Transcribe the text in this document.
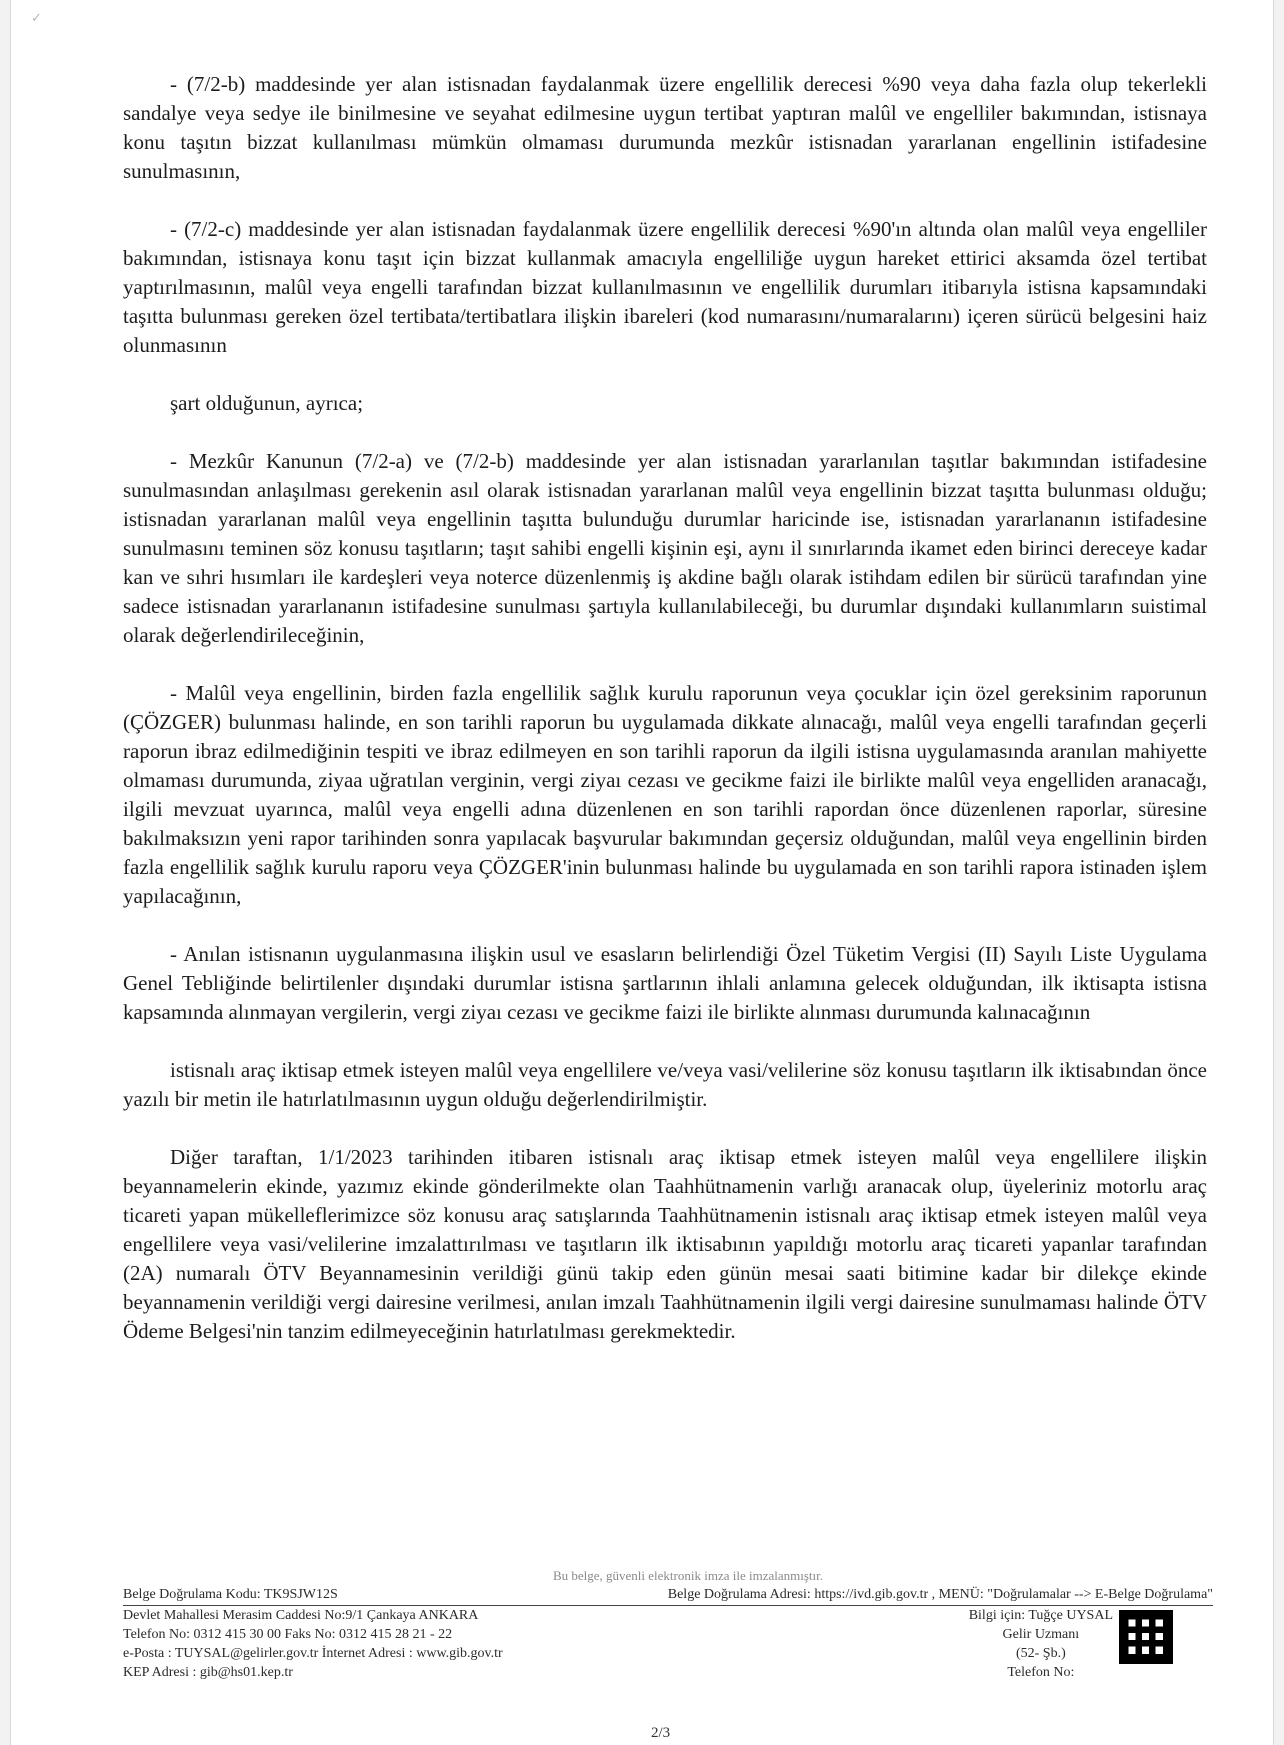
✓

- (7/2-b) maddesinde yer alan istisnadan faydalanmak üzere engellilik derecesi %90 veya daha fazla olup tekerlekli sandalye veya sedye ile binilmesine ve seyahat edilmesine uygun tertibat yaptıran malûl ve engelliler bakımından, istisnaya konu taşıtın bizzat kullanılması mümkün olmaması durumunda mezkûr istisnadan yararlanan engellinin istifadesine sunulmasının,

- (7/2-c) maddesinde yer alan istisnadan faydalanmak üzere engellilik derecesi %90'ın altında olan malûl veya engelliler bakımından, istisnaya konu taşıt için bizzat kullanmak amacıyla engelliliğe uygun hareket ettirici aksamda özel tertibat yaptırılmasının, malûl veya engelli tarafından bizzat kullanılmasının ve engellilik durumları itibarıyla istisna kapsamındaki taşıtta bulunması gereken özel tertibata/tertibatlara ilişkin ibareleri (kod numarasını/numaralarını) içeren sürücü belgesini haiz olunmasının

şart olduğunun, ayrıca;

- Mezkûr Kanunun (7/2-a) ve (7/2-b) maddesinde yer alan istisnadan yararlanılan taşıtlar bakımından istifadesine sunulmasından anlaşılması gerekenin asıl olarak istisnadan yararlanan malûl veya engellinin bizzat taşıtta bulunması olduğu; istisnadan yararlanan malûl veya engellinin taşıtta bulunduğu durumlar haricinde ise, istisnadan yararlananın istifadesine sunulmasını teminen söz konusu taşıtların; taşıt sahibi engelli kişinin eşi, aynı il sınırlarında ikamet eden birinci dereceye kadar kan ve sıhri hısımları ile kardeşleri veya noterce düzenlenmiş iş akdine bağlı olarak istihdam edilen bir sürücü tarafından yine sadece istisnadan yararlananın istifadesine sunulması şartıyla kullanılabileceği, bu durumlar dışındaki kullanımların suistimal olarak değerlendirileceğinin,

- Malûl veya engellinin, birden fazla engellilik sağlık kurulu raporunun veya çocuklar için özel gereksinim raporunun (ÇÖZGER) bulunması halinde, en son tarihli raporun bu uygulamada dikkate alınacağı, malûl veya engelli tarafından geçerli raporun ibraz edilmediğinin tespiti ve ibraz edilmeyen en son tarihli raporun da ilgili istisna uygulamasında aranılan mahiyette olmaması durumunda, ziyaa uğratılan verginin, vergi ziyaı cezası ve gecikme faizi ile birlikte malûl veya engelliden aranacağı, ilgili mevzuat uyarınca, malûl veya engelli adına düzenlenen en son tarihli rapordan önce düzenlenen raporlar, süresine bakılmaksızın yeni rapor tarihinden sonra yapılacak başvurular bakımından geçersiz olduğundan, malûl veya engellinin birden fazla engellilik sağlık kurulu raporu veya ÇÖZGER'inin bulunması halinde bu uygulamada en son tarihli rapora istinaden işlem yapılacağının,

- Anılan istisnanın uygulanmasına ilişkin usul ve esasların belirlendiği Özel Tüketim Vergisi (II) Sayılı Liste Uygulama Genel Tebliğinde belirtilenler dışındaki durumlar istisna şartlarının ihlali anlamına gelecek olduğundan, ilk iktisapta istisna kapsamında alınmayan vergilerin, vergi ziyaı cezası ve gecikme faizi ile birlikte alınması durumunda kalınacağının

istisnalı araç iktisap etmek isteyen malûl veya engellilere ve/veya vasi/velilerine söz konusu taşıtların ilk iktisabından önce yazılı bir metin ile hatırlatılmasının uygun olduğu değerlendirilmiştir.

Diğer taraftan, 1/1/2023 tarihinden itibaren istisnalı araç iktisap etmek isteyen malûl veya engellilere ilişkin beyannamelerin ekinde, yazımız ekinde gönderilmekte olan Taahhütnamenin varlığı aranacak olup, üyeleriniz motorlu araç ticareti yapan mükelleflerimizce söz konusu araç satışlarında Taahhütnamenin istisnalı araç iktisap etmek isteyen malûl veya engellilere veya vasi/velilerine imzalattırılması ve taşıtların ilk iktisabının yapıldığı motorlu araç ticareti yapanlar tarafından (2A) numaralı ÖTV Beyannamesinin verildiği günü takip eden günün mesai saati bitimine kadar bir dilekçe ekinde beyannamenin verildiği vergi dairesine verilmesi, anılan imzalı Taahhütnamenin ilgili vergi dairesine sunulmaması halinde ÖTV Ödeme Belgesi'nin tanzim edilmeyeceğinin hatırlatılması gerekmektedir.

Bu belge, güvenli elektronik imza ile imzalanmıştır.
Belge Doğrulama Kodu: TK9SJW12S	Belge Doğrulama Adresi: https://ivd.gib.gov.tr , MENÜ: "Doğrulamalar --> E-Belge Doğrulama"
Devlet Mahallesi Merasim Caddesi No:9/1 Çankaya ANKARA
Telefon No: 0312 415 30 00 Faks No: 0312 415 28 21 - 22
e-Posta : TUYSAL@gelirler.gov.tr İnternet Adresi : www.gib.gov.tr
KEP Adresi : gib@hs01.kep.tr
Bilgi için: Tuğçe UYSAL
Gelir Uzmanı
(52- Şb.)
Telefon No:
2/3
